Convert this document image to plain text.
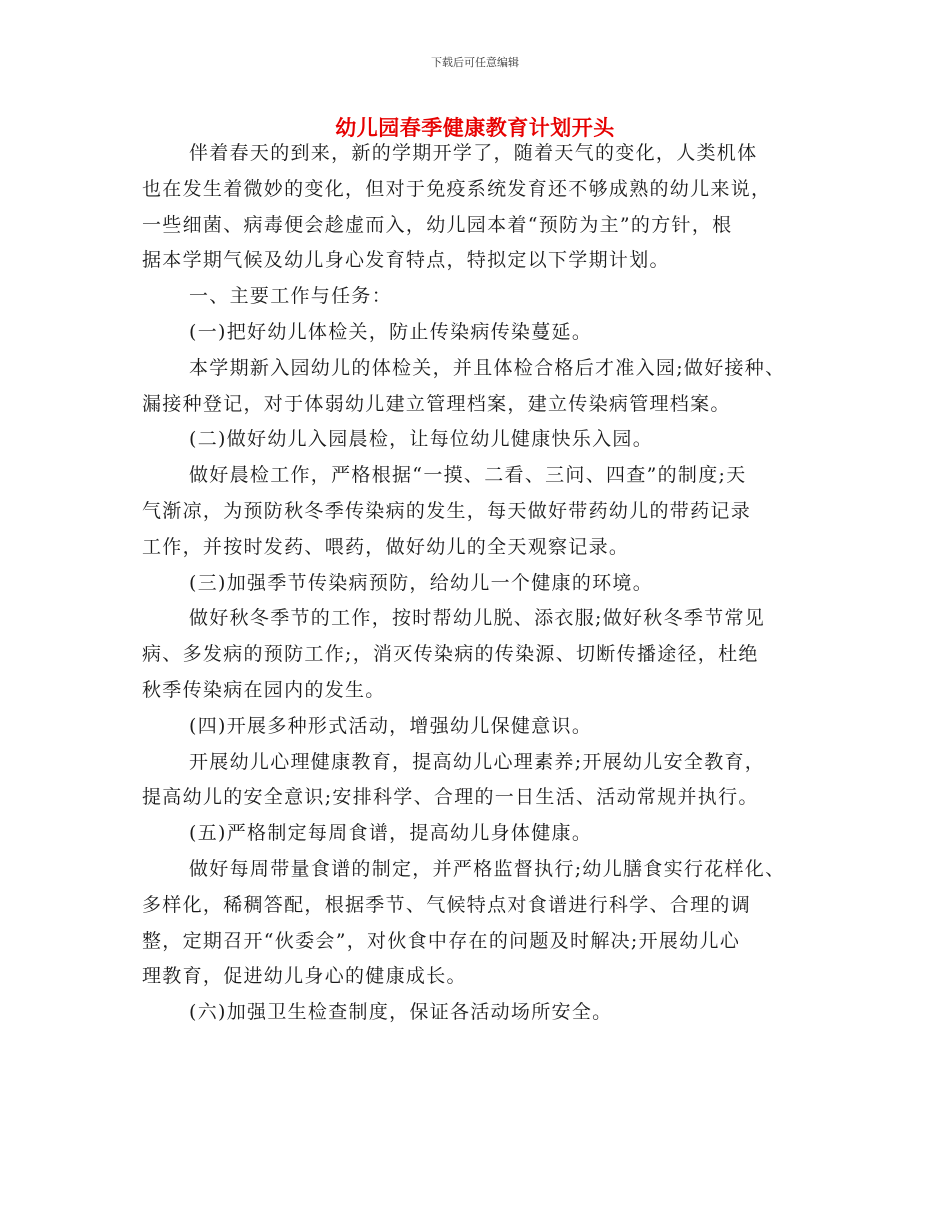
下载后可任意编辑
幼儿园春季健康教育计划开头
伴着春天的到来，新的学期开学了，随着天气的变化，人类机体
也在发生着微妙的变化，但对于免疫系统发育还不够成熟的幼儿来说，
一些细菌、病毒便会趁虚而入，幼儿园本着“预防为主”的方针，根
据本学期气候及幼儿身心发育特点，特拟定以下学期计划。
一、主要工作与任务：
(一)把好幼儿体检关，防止传染病传染蔓延。
本学期新入园幼儿的体检关，并且体检合格后才准入园;做好接种、
漏接种登记，对于体弱幼儿建立管理档案，建立传染病管理档案。
(二)做好幼儿入园晨检，让每位幼儿健康快乐入园。
做好晨检工作，严格根据“一摸、二看、三问、四查”的制度;天
气渐凉，为预防秋冬季传染病的发生，每天做好带药幼儿的带药记录
工作，并按时发药、喂药，做好幼儿的全天观察记录。
(三)加强季节传染病预防，给幼儿一个健康的环境。
做好秋冬季节的工作，按时帮幼儿脱、添衣服;做好秋冬季节常见
病、多发病的预防工作;，消灭传染病的传染源、切断传播途径，杜绝
秋季传染病在园内的发生。
(四)开展多种形式活动，增强幼儿保健意识。
开展幼儿心理健康教育，提高幼儿心理素养;开展幼儿安全教育，
提高幼儿的安全意识;安排科学、合理的一日生活、活动常规并执行。
(五)严格制定每周食谱，提高幼儿身体健康。
做好每周带量食谱的制定，并严格监督执行;幼儿膳食实行花样化、
多样化，稀稠答配，根据季节、气候特点对食谱进行科学、合理的调
整，定期召开“伙委会”，对伙食中存在的问题及时解决;开展幼儿心
理教育，促进幼儿身心的健康成长。
(六)加强卫生检查制度，保证各活动场所安全。
